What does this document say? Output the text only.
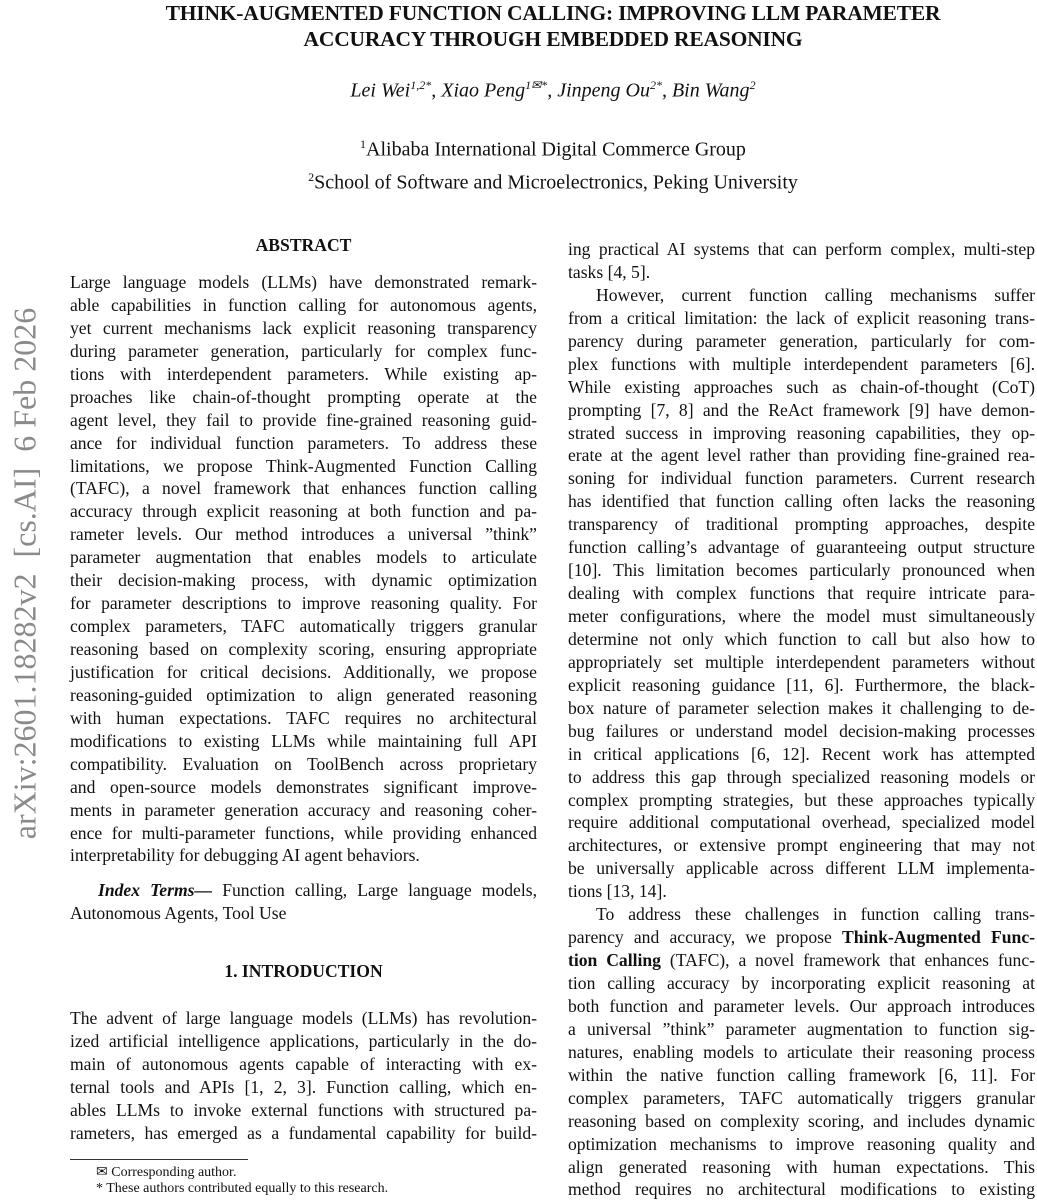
arXiv:2601.18282v2  [cs.AI]  6 Feb 2026
THINK-AUGMENTED FUNCTION CALLING: IMPROVING LLM PARAMETER
ACCURACY THROUGH EMBEDDED REASONING
Lei Wei$^{1,2*}$, Xiao Peng$^{1✉*}$, Jinpeng $Ou^{2*}$, Bin Wang$^2$
$^1$Alibaba International Digital Commerce Group
$^2$School of Software and Microelectronics, Peking University
ABSTRACT
Large language models (LLMs) have demonstrated remark-
able capabilities in function calling for autonomous agents,
yet current mechanisms lack explicit reasoning transparency
during parameter generation, particularly for complex func-
tions with interdependent parameters. While existing ap-
proaches like chain-of-thought prompting operate at the
agent level, they fail to provide fine-grained reasoning guid-
ance for individual function parameters. To address these
limitations, we propose Think-Augmented Function Calling
(TAFC), a novel framework that enhances function calling
accuracy through explicit reasoning at both function and pa-
rameter levels. Our method introduces a universal ”think”
parameter augmentation that enables models to articulate
their decision-making process, with dynamic optimization
for parameter descriptions to improve reasoning quality. For
complex parameters, TAFC automatically triggers granular
reasoning based on complexity scoring, ensuring appropriate
justification for critical decisions. Additionally, we propose
reasoning-guided optimization to align generated reasoning
with human expectations. TAFC requires no architectural
modifications to existing LLMs while maintaining full API
compatibility. Evaluation on ToolBench across proprietary
and open-source models demonstrates significant improve-
ments in parameter generation accuracy and reasoning coher-
ence for multi-parameter functions, while providing enhanced
interpretability for debugging AI agent behaviors.
Index Terms— Function calling, Large language models,
Autonomous Agents, Tool Use
1. INTRODUCTION
The advent of large language models (LLMs) has revolution-
ized artificial intelligence applications, particularly in the do-
main of autonomous agents capable of interacting with ex-
ternal tools and APIs [1, 2, 3]. Function calling, which en-
ables LLMs to invoke external functions with structured pa-
rameters, has emerged as a fundamental capability for build-
ing practical AI systems that can perform complex, multi-step
tasks [4, 5].
However, current function calling mechanisms suffer
from a critical limitation: the lack of explicit reasoning trans-
parency during parameter generation, particularly for com-
plex functions with multiple interdependent parameters [6].
While existing approaches such as chain-of-thought (CoT)
prompting [7, 8] and the ReAct framework [9] have demon-
strated success in improving reasoning capabilities, they op-
erate at the agent level rather than providing fine-grained rea-
soning for individual function parameters. Current research
has identified that function calling often lacks the reasoning
transparency of traditional prompting approaches, despite
function calling’s advantage of guaranteeing output structure
[10]. This limitation becomes particularly pronounced when
dealing with complex functions that require intricate para-
meter configurations, where the model must simultaneously
determine not only which function to call but also how to
appropriately set multiple interdependent parameters without
explicit reasoning guidance [11, 6]. Furthermore, the black-
box nature of parameter selection makes it challenging to de-
bug failures or understand model decision-making processes
in critical applications [6, 12]. Recent work has attempted
to address this gap through specialized reasoning models or
complex prompting strategies, but these approaches typically
require additional computational overhead, specialized model
architectures, or extensive prompt engineering that may not
be universally applicable across different LLM implementa-
tions [13, 14].
To address these challenges in function calling trans-
parency and accuracy, we propose Think-Augmented Func-
tion Calling (TAFC), a novel framework that enhances func-
tion calling accuracy by incorporating explicit reasoning at
both function and parameter levels. Our approach introduces
a universal ”think” parameter augmentation to function sig-
natures, enabling models to articulate their reasoning process
within the native function calling framework [6, 11]. For
complex parameters, TAFC automatically triggers granular
reasoning based on complexity scoring, and includes dynamic
optimization mechanisms to improve reasoning quality and
align generated reasoning with human expectations. This
method requires no architectural modifications to existing
✉ Corresponding author.
* These authors contributed equally to this research.
